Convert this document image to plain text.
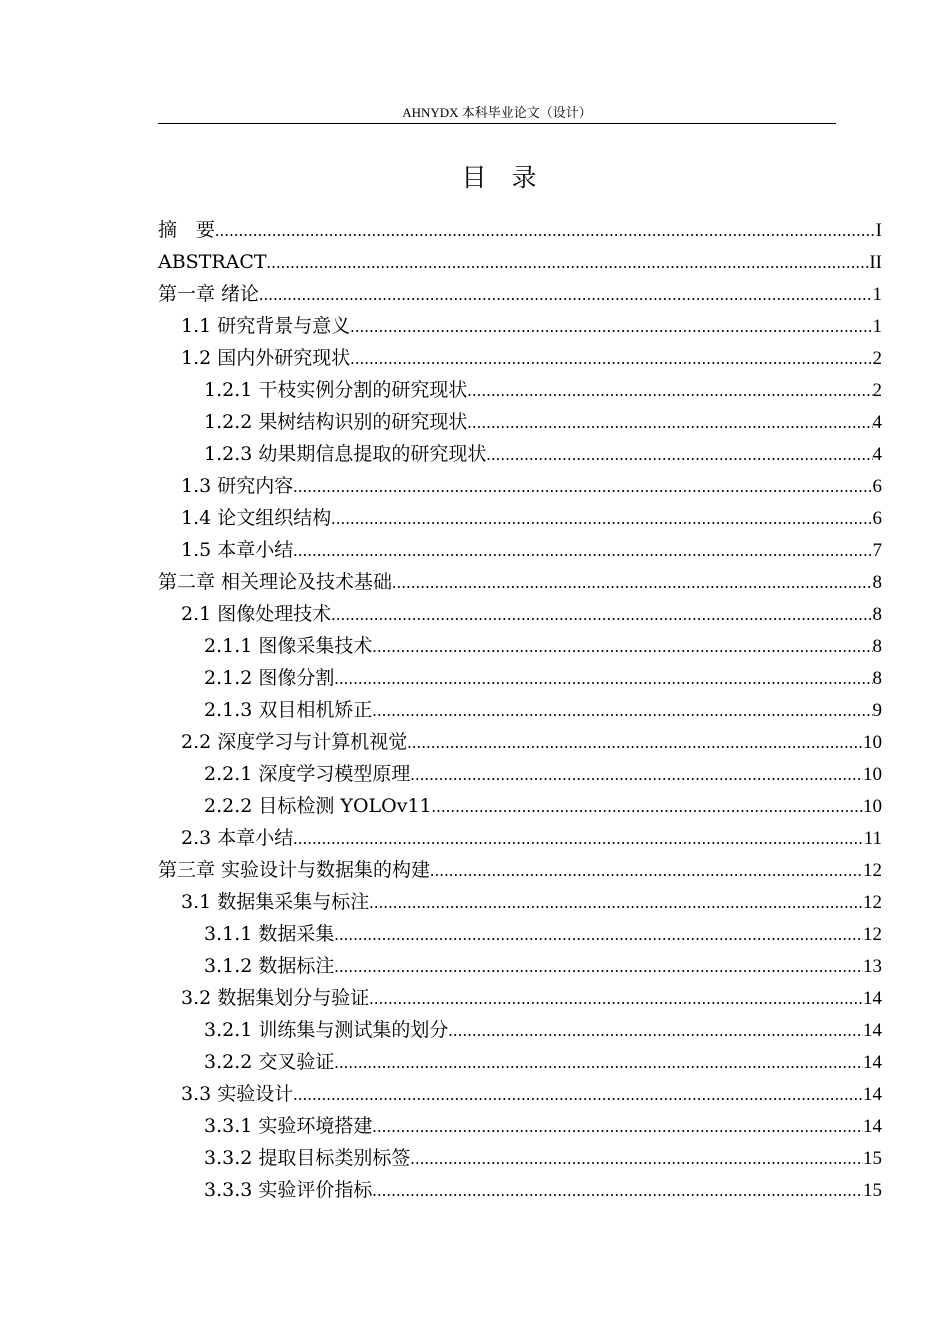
AHNYDX 本科毕业论文（设计）
目　录
摘　要 .....	I
ABSTRACT .....	II
第一章 绪论 .....	1
1.1 研究背景与意义 .....	1
1.2 国内外研究现状 .....	2
1.2.1 干枝实例分割的研究现状 .....	2
1.2.2 果树结构识别的研究现状 .....	4
1.2.3 幼果期信息提取的研究现状 .....	4
1.3 研究内容 .....	6
1.4 论文组织结构 .....	6
1.5 本章小结 .....	7
第二章 相关理论及技术基础 .....	8
2.1 图像处理技术 .....	8
2.1.1 图像采集技术 .....	8
2.1.2 图像分割 .....	8
2.1.3 双目相机矫正 .....	9
2.2 深度学习与计算机视觉 .....	10
2.2.1 深度学习模型原理 .....	10
2.2.2 目标检测 YOLOv11 .....	10
2.3 本章小结 .....	11
第三章 实验设计与数据集的构建 .....	12
3.1 数据集采集与标注 .....	12
3.1.1 数据采集 .....	12
3.1.2 数据标注 .....	13
3.2 数据集划分与验证 .....	14
3.2.1 训练集与测试集的划分 .....	14
3.2.2 交叉验证 .....	14
3.3 实验设计 .....	14
3.3.1 实验环境搭建 .....	14
3.3.2 提取目标类别标签 .....	15
3.3.3 实验评价指标 .....	15
